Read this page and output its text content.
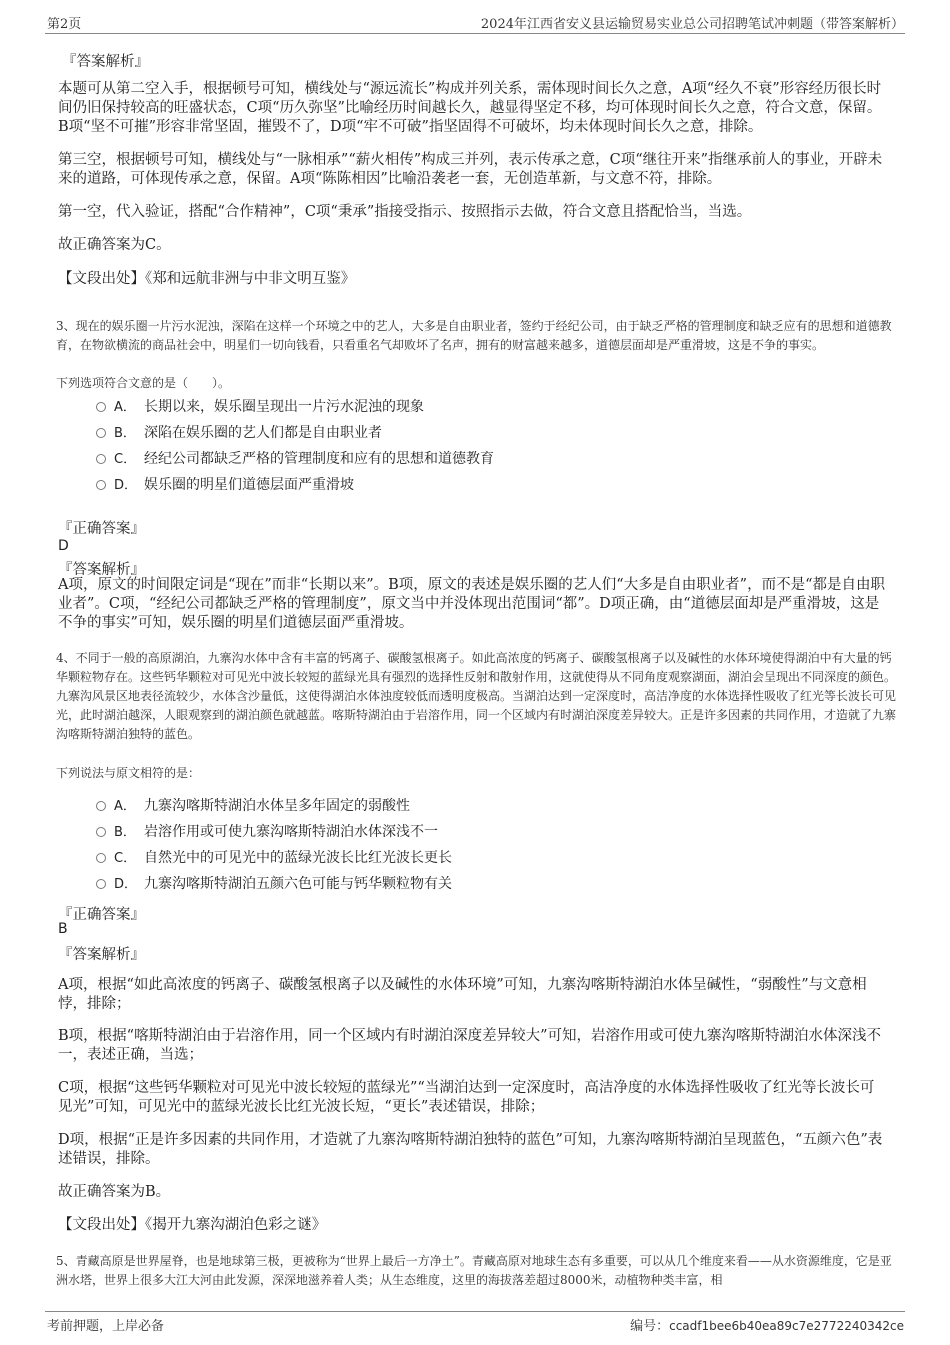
第2页	2024年江西省安义县运输贸易实业总公司招聘笔试冲刺题（带答案解析）
『答案解析』
本题可从第二空入手，根据顿号可知，横线处与“源远流长”构成并列关系，需体现时间长久之意，A项“经久不衰”形容经历很长时间仍旧保持较高的旺盛状态，C项“历久弥坚”比喻经历时间越长久，越显得坚定不移，均可体现时间长久之意，符合文意，保留。B项“坚不可摧”形容非常坚固，摧毁不了，D项“牢不可破”指坚固得不可破坏，均未体现时间长久之意，排除。
第三空，根据顿号可知，横线处与“一脉相承”“薪火相传”构成三并列，表示传承之意，C项“继往开来”指继承前人的事业，开辟未来的道路，可体现传承之意，保留。A项“陈陈相因”比喻沿袭老一套，无创造革新，与文意不符，排除。
第一空，代入验证，搭配“合作精神”，C项“秉承”指接受指示、按照指示去做，符合文意且搭配恰当，当选。
故正确答案为C。
【文段出处】《郑和远航非洲与中非文明互鉴》
3、现在的娱乐圈一片污水泥浊，深陷在这样一个环境之中的艺人，大多是自由职业者，签约于经纪公司，由于缺乏严格的管理制度和缺乏应有的思想和道德教育，在物欲横流的商品社会中，明星们一切向钱看，只看重名气却败坏了名声，拥有的财富越来越多，道德层面却是严重滑坡，这是不争的事实。
下列选项符合文意的是（　　）。
A． 长期以来，娱乐圈呈现出一片污水泥浊的现象
B． 深陷在娱乐圈的艺人们都是自由职业者
C． 经纪公司都缺乏严格的管理制度和应有的思想和道德教育
D． 娱乐圈的明星们道德层面严重滑坡
『正确答案』
D
『答案解析』
A项，原文的时间限定词是“现在”而非“长期以来”。B项，原文的表述是娱乐圈的艺人们“大多是自由职业者”，而不是“都是自由职业者”。C项，“经纪公司都缺乏严格的管理制度”，原文当中并没体现出范围词“都”。D项正确，由“道德层面却是严重滑坡，这是不争的事实”可知，娱乐圈的明星们道德层面严重滑坡。
4、不同于一般的高原湖泊，九寨沟水体中含有丰富的钙离子、碳酸氢根离子。如此高浓度的钙离子、碳酸氢根离子以及碱性的水体环境使得湖泊中有大量的钙华颗粒物存在。这些钙华颗粒对可见光中波长较短的蓝绿光具有强烈的选择性反射和散射作用，这就使得从不同角度观察湖面，湖泊会呈现出不同深度的颜色。九寨沟风景区地表径流较少，水体含沙量低，这使得湖泊水体浊度较低而透明度极高。当湖泊达到一定深度时，高洁净度的水体选择性吸收了红光等长波长可见光，此时湖泊越深，人眼观察到的湖泊颜色就越蓝。喀斯特湖泊由于岩溶作用，同一个区域内有时湖泊深度差异较大。正是许多因素的共同作用，才造就了九寨沟喀斯特湖泊独特的蓝色。
下列说法与原文相符的是：
A． 九寨沟喀斯特湖泊水体呈多年固定的弱酸性
B． 岩溶作用或可使九寨沟喀斯特湖泊水体深浅不一
C． 自然光中的可见光中的蓝绿光波长比红光波长更长
D． 九寨沟喀斯特湖泊五颜六色可能与钙华颗粒物有关
『正确答案』
B
『答案解析』
A项，根据“如此高浓度的钙离子、碳酸氢根离子以及碱性的水体环境”可知，九寨沟喀斯特湖泊水体呈碱性，“弱酸性”与文意相悖，排除；
B项，根据“喀斯特湖泊由于岩溶作用，同一个区域内有时湖泊深度差异较大”可知，岩溶作用或可使九寨沟喀斯特湖泊水体深浅不一，表述正确，当选；
C项，根据“这些钙华颗粒对可见光中波长较短的蓝绿光”“当湖泊达到一定深度时，高洁净度的水体选择性吸收了红光等长波长可见光”可知，可见光中的蓝绿光波长比红光波长短，“更长”表述错误，排除；
D项，根据“正是许多因素的共同作用，才造就了九寨沟喀斯特湖泊独特的蓝色”可知，九寨沟喀斯特湖泊呈现蓝色，“五颜六色”表述错误，排除。
故正确答案为B。
【文段出处】《揭开九寨沟湖泊色彩之谜》
5、青藏高原是世界屋脊，也是地球第三极，更被称为“世界上最后一方净土”。青藏高原对地球生态有多重要，可以从几个维度来看——从水资源维度，它是亚洲水塔，世界上很多大江大河由此发源，深深地滋养着人类；从生态维度，这里的海拔落差超过8000米，动植物种类丰富，相
考前押题，上岸必备	编号：ccadf1bee6b40ea89c7e2772240342ce
